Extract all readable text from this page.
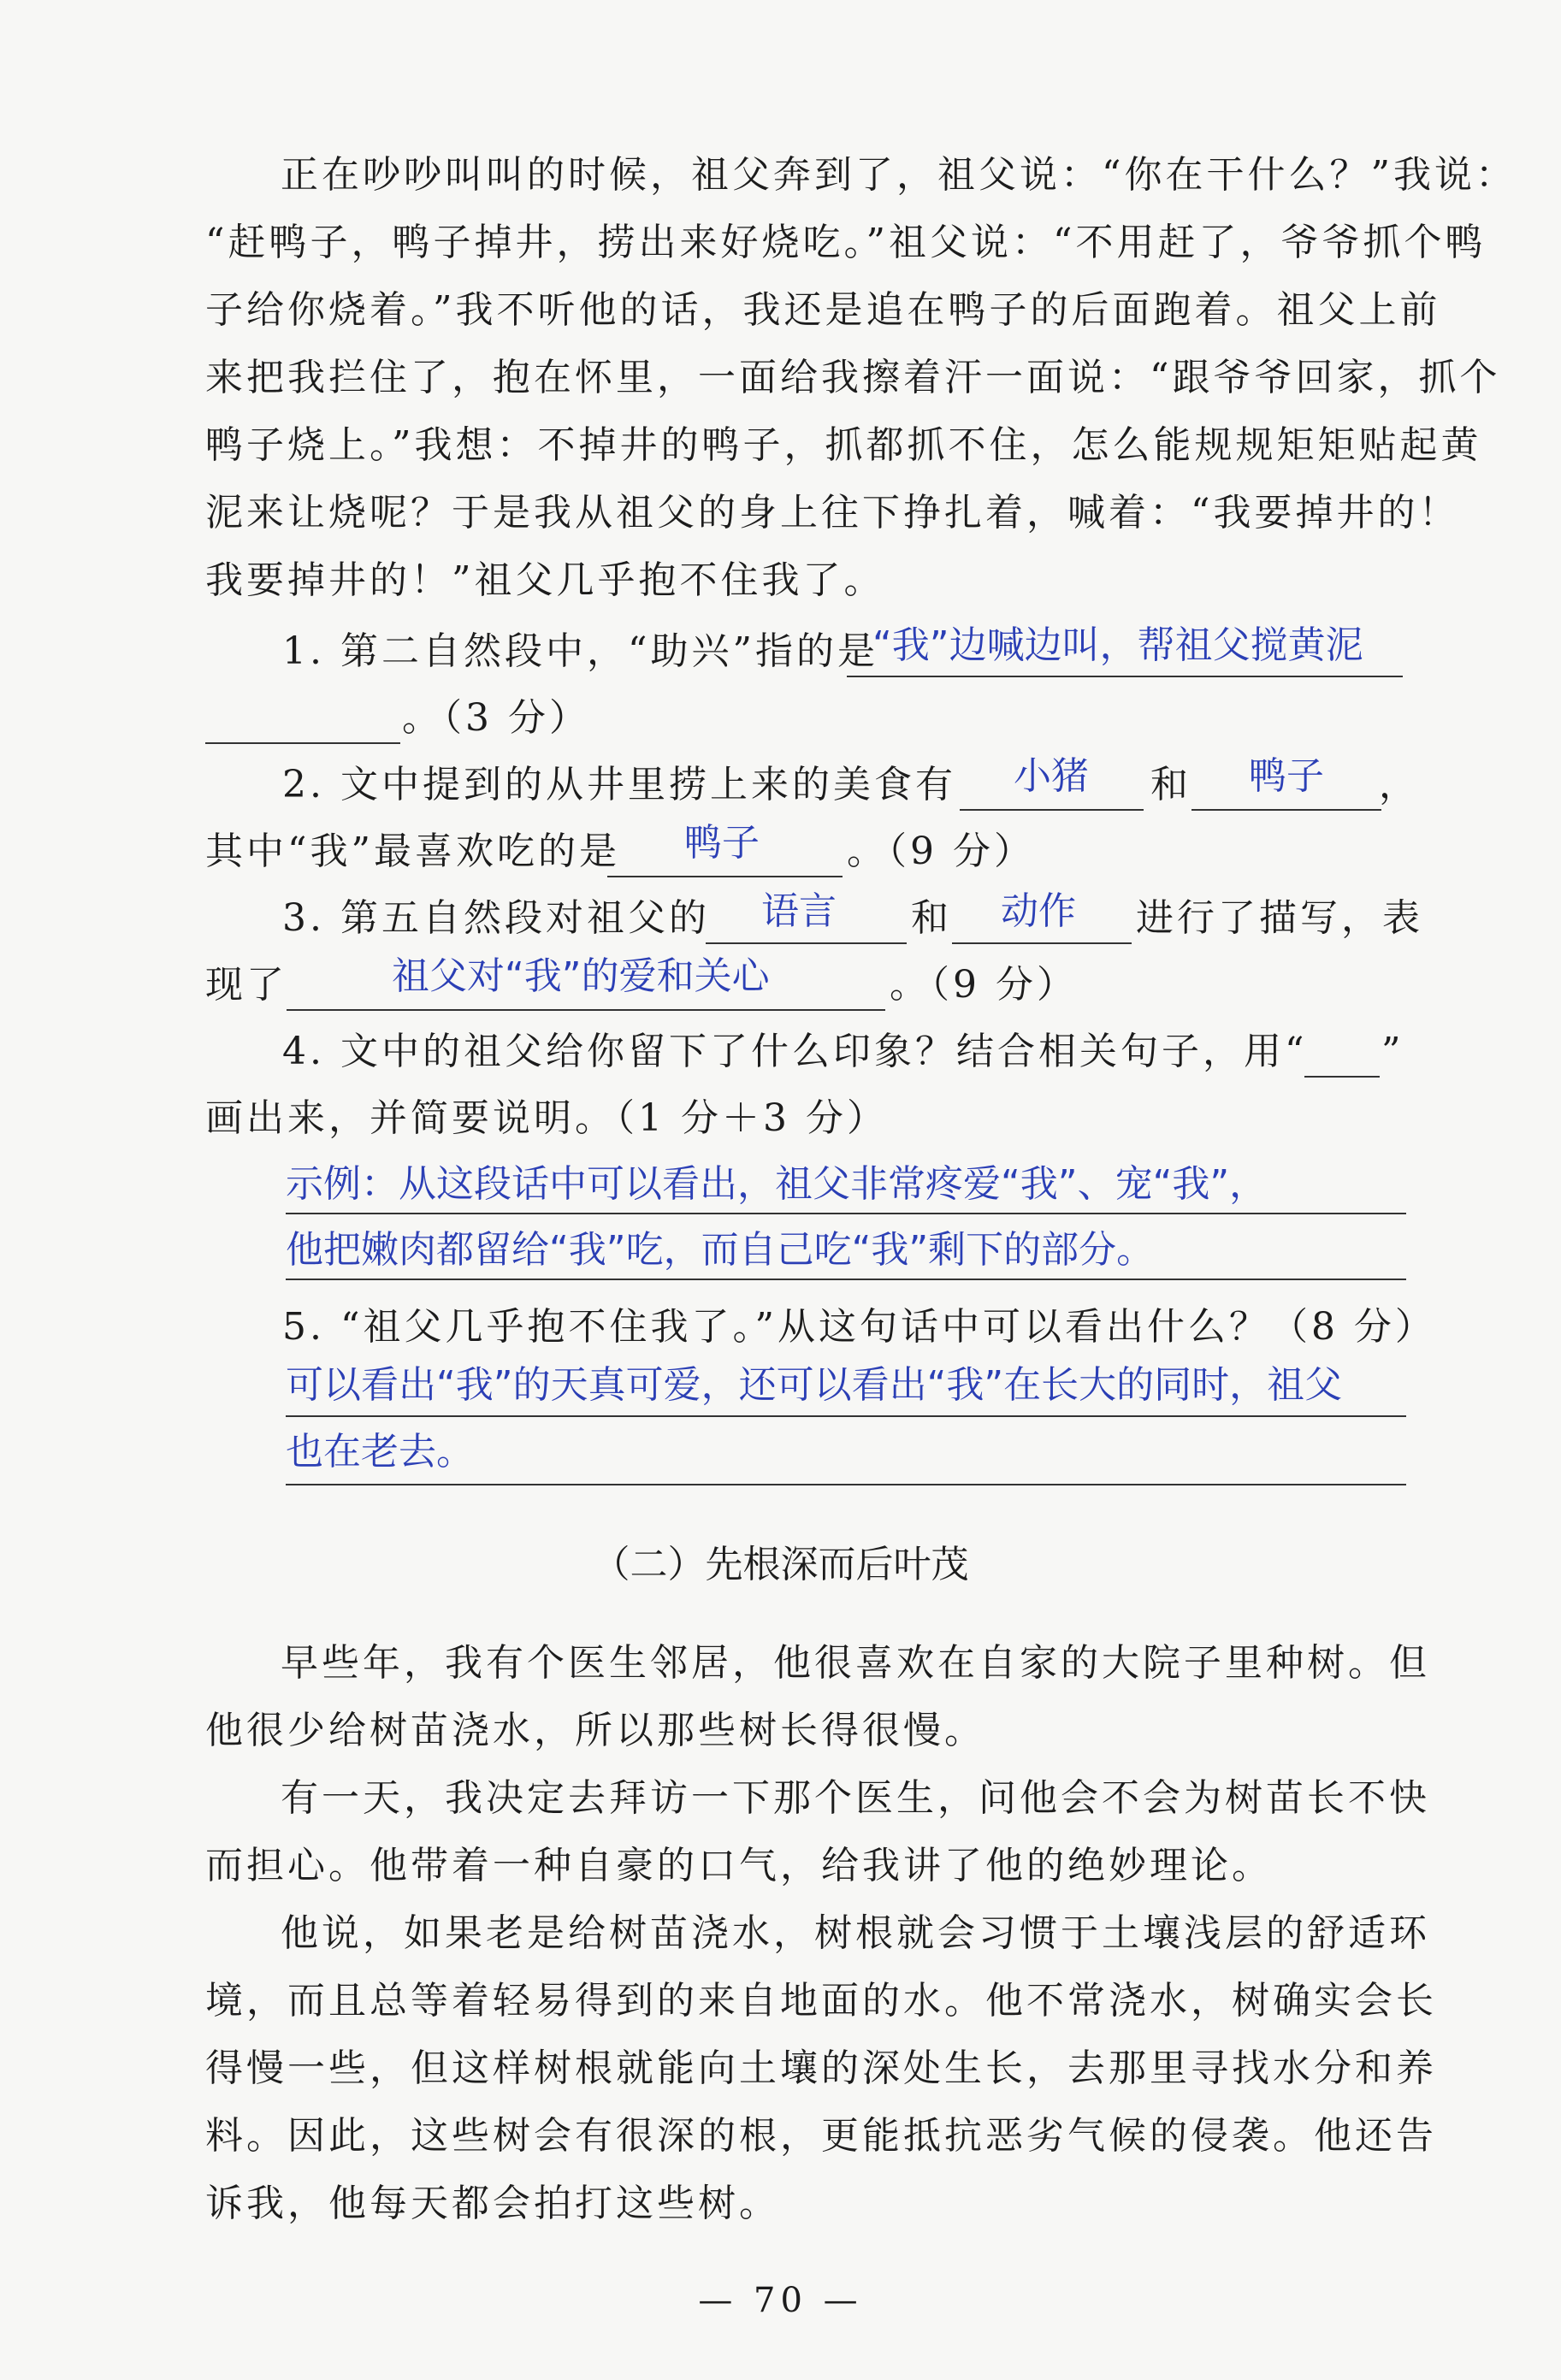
正在吵吵叫叫的时候，祖父奔到了，祖父说：“你在干什么？”我说：
“赶鸭子，鸭子掉井，捞出来好烧吃。”祖父说：“不用赶了，爷爷抓个鸭
子给你烧着。”我不听他的话，我还是追在鸭子的后面跑着。祖父上前
来把我拦住了，抱在怀里，一面给我擦着汗一面说：“跟爷爷回家，抓个
鸭子烧上。”我想：不掉井的鸭子，抓都抓不住，怎么能规规矩矩贴起黄
泥来让烧呢？于是我从祖父的身上往下挣扎着，喊着：“我要掉井的！
我要掉井的！”祖父几乎抱不住我了。
1. 第二自然段中，“助兴”指的是
“我”边喊边叫，帮祖父搅黄泥
。（3 分）
2. 文中提到的从井里捞上来的美食有 小猪 和 鸭子 ，
其中“我”最喜欢吃的是 鸭子 。（9 分）
3. 第五自然段对祖父的 语言 和 动作 进行了描写，表
现了	祖父对“我”的爱和关心	。（9 分）
4. 文中的祖父给你留下了什么印象？结合相关句子，用“ ”
画出来，并简要说明。（1 分＋3 分）
示例：从这段话中可以看出，祖父非常疼爱“我”、宠“我”，
他把嫩肉都留给“我”吃，而自己吃“我”剩下的部分。
5. “祖父几乎抱不住我了。”从这句话中可以看出什么？（8 分）
可以看出“我”的天真可爱，还可以看出“我”在长大的同时，祖父
也在老去。
（二）先根深而后叶茂
早些年，我有个医生邻居，他很喜欢在自家的大院子里种树。但
他很少给树苗浇水，所以那些树长得很慢。
有一天，我决定去拜访一下那个医生，问他会不会为树苗长不快
而担心。他带着一种自豪的口气，给我讲了他的绝妙理论。
他说，如果老是给树苗浇水，树根就会习惯于土壤浅层的舒适环
境，而且总等着轻易得到的来自地面的水。他不常浇水，树确实会长
得慢一些，但这样树根就能向土壤的深处生长，去那里寻找水分和养
料。因此，这些树会有很深的根，更能抵抗恶劣气候的侵袭。他还告
诉我，他每天都会拍打这些树。
— 70 —
